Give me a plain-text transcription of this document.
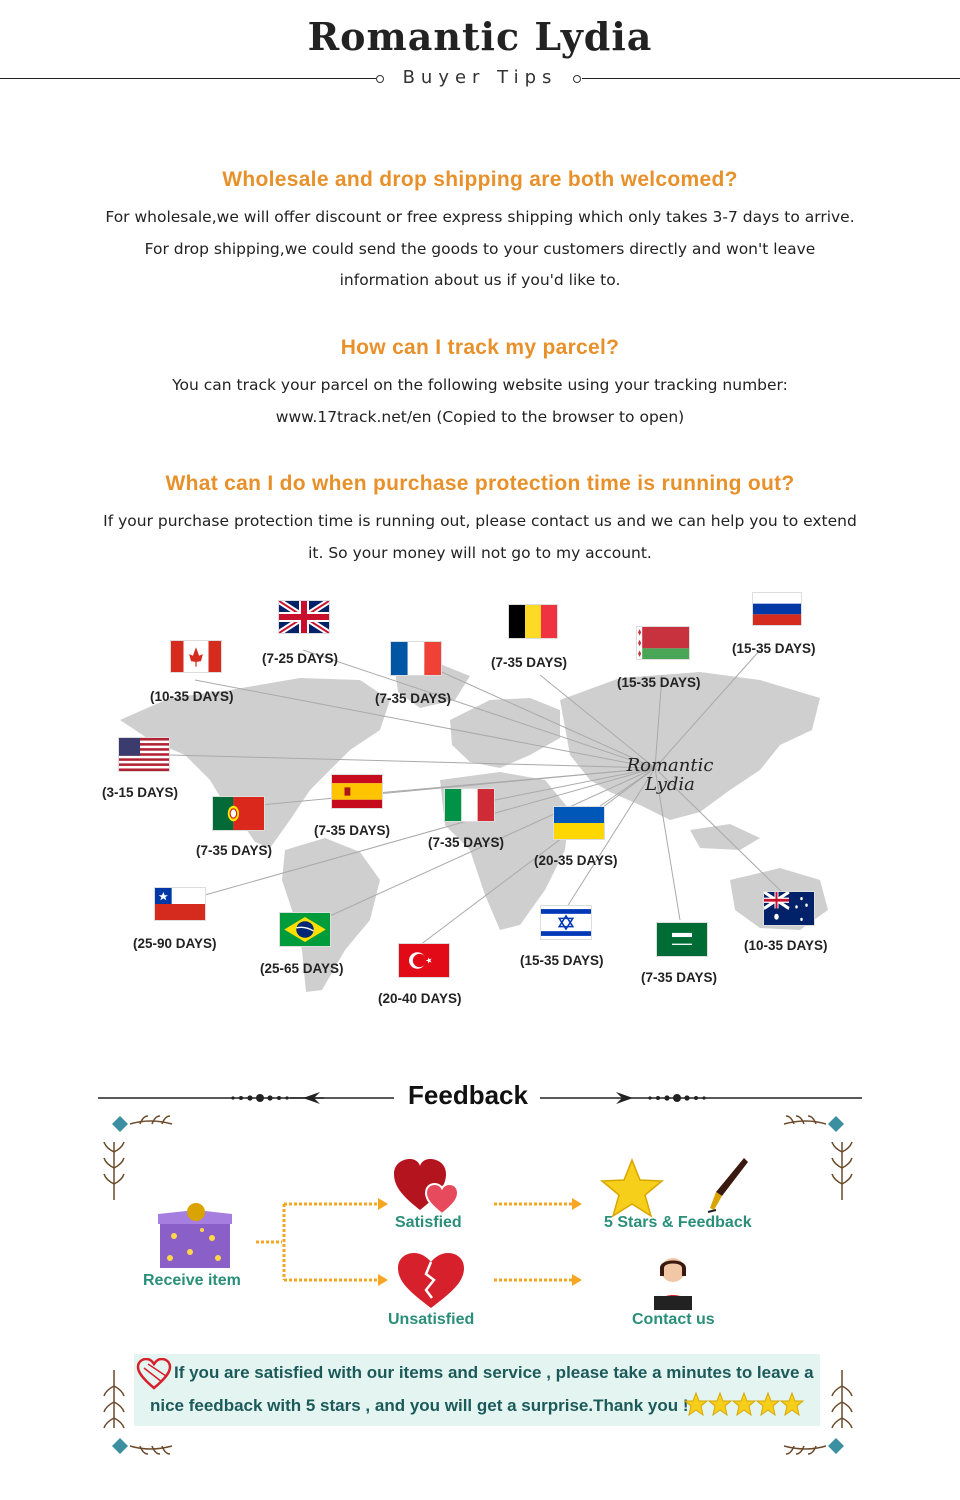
Romantic Lydia
Buyer Tips
Wholesale and drop shipping are both welcomed?
For wholesale,we will offer discount or free express shipping which only takes 3-7 days to arrive.
For drop shipping,we could send the goods to your customers directly and won't leave
information about us if you'd like to.
How can I track my parcel?
You can track your parcel on the following website using your tracking number:
www.17track.net/en (Copied to the browser to open)
What can I do when purchase protection time is running out?
If your purchase protection time is running out, please contact us and we can help you to extend
it. So your money will not go to my account.
Romantic
Lydia
(7-25 DAYS)	(7-35 DAYS)
(15-35 DAYS)
(10-35 DAYS)	(7-35 DAYS)
(15-35 DAYS)
(3-15 DAYS)
(7-35 DAYS)
(7-35 DAYS)
(7-35 DAYS)
(20-35 DAYS)
(25-90 DAYS)
(25-65 DAYS)
(20-40 DAYS)
(15-35 DAYS)
(7-35 DAYS)
(10-35 DAYS)
Feedback
Receive item
Satisfied
Unsatisfied
5 Stars & Feedback
Contact us
If you are satisfied with our items and service , please take a minutes to leave a
nice feedback with 5 stars , and you will get a surprise.Thank you !
